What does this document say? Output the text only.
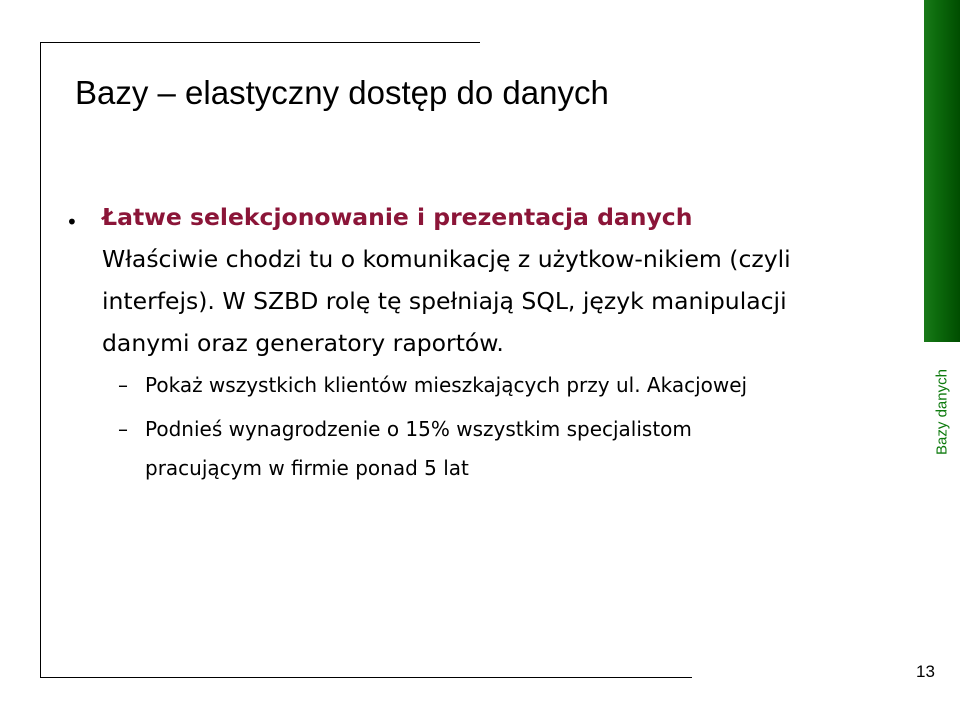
Bazy danych
13
Bazy – elastyczny dostęp do danych
• Łatwe selekcjonowanie i prezentacja danych
Właściwie chodzi tu o komunikację z użytkow-nikiem (czyli
interfejs). W SZBD rolę tę spełniają SQL, język manipulacji
danymi oraz generatory raportów.
– Pokaż wszystkich klientów mieszkających przy ul. Akacjowej
– Podnieś wynagrodzenie o 15% wszystkim specjalistom
pracującym w firmie ponad 5 lat
